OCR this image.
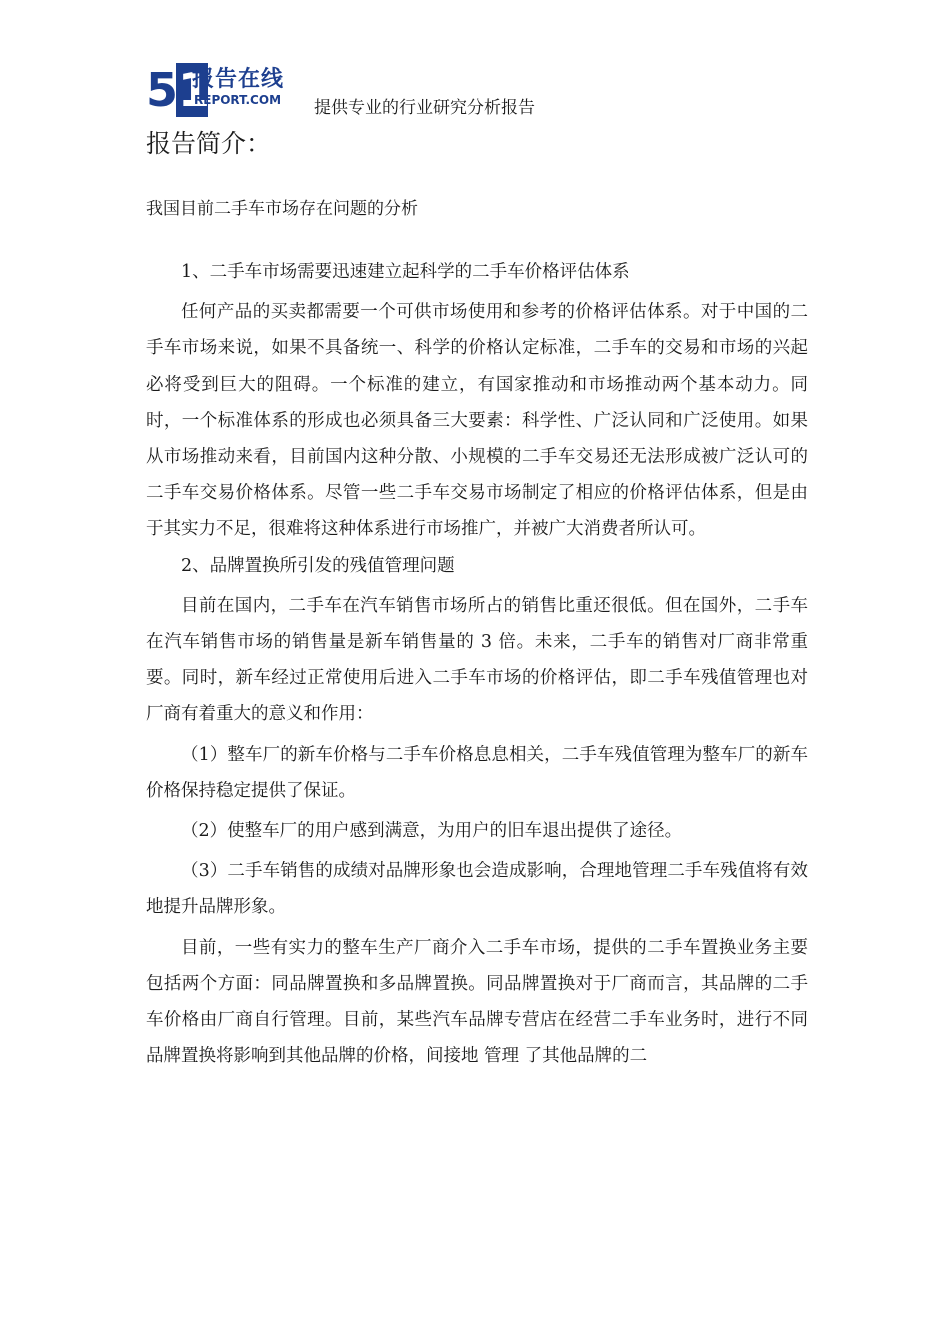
51
报告在线
REPORT.COM 提供专业的行业研究分析报告
报告简介：
我国目前二手车市场存在问题的分析

1、二手车市场需要迅速建立起科学的二手车价格评估体系

任何产品的买卖都需要一个可供市场使用和参考的价格评估体系。对于中国的二手车市场来说，如果不具备统一、科学的价格认定标准，二手车的交易和市场的兴起必将受到巨大的阻碍。一个标准的建立，有国家推动和市场推动两个基本动力。同时，一个标准体系的形成也必须具备三大要素：科学性、广泛认同和广泛使用。如果从市场推动来看，目前国内这种分散、小规模的二手车交易还无法形成被广泛认可的二手车交易价格体系。尽管一些二手车交易市场制定了相应的价格评估体系，但是由于其实力不足，很难将这种体系进行市场推广，并被广大消费者所认可。

2、品牌置换所引发的残值管理问题

目前在国内，二手车在汽车销售市场所占的销售比重还很低。但在国外，二手车在汽车销售市场的销售量是新车销售量的 3 倍。未来，二手车的销售对厂商非常重要。同时，新车经过正常使用后进入二手车市场的价格评估，即二手车残值管理也对厂商有着重大的意义和作用：

（1）整车厂的新车价格与二手车价格息息相关，二手车残值管理为整车厂的新车价格保持稳定提供了保证。

（2）使整车厂的用户感到满意，为用户的旧车退出提供了途径。

（3）二手车销售的成绩对品牌形象也会造成影响，合理地管理二手车残值将有效地提升品牌形象。

目前，一些有实力的整车生产厂商介入二手车市场，提供的二手车置换业务主要包括两个方面：同品牌置换和多品牌置换。同品牌置换对于厂商而言，其品牌的二手车价格由厂商自行管理。目前，某些汽车品牌专营店在经营二手车业务时，进行不同品牌置换将影响到其他品牌的价格，间接地 管理 了其他品牌的二
